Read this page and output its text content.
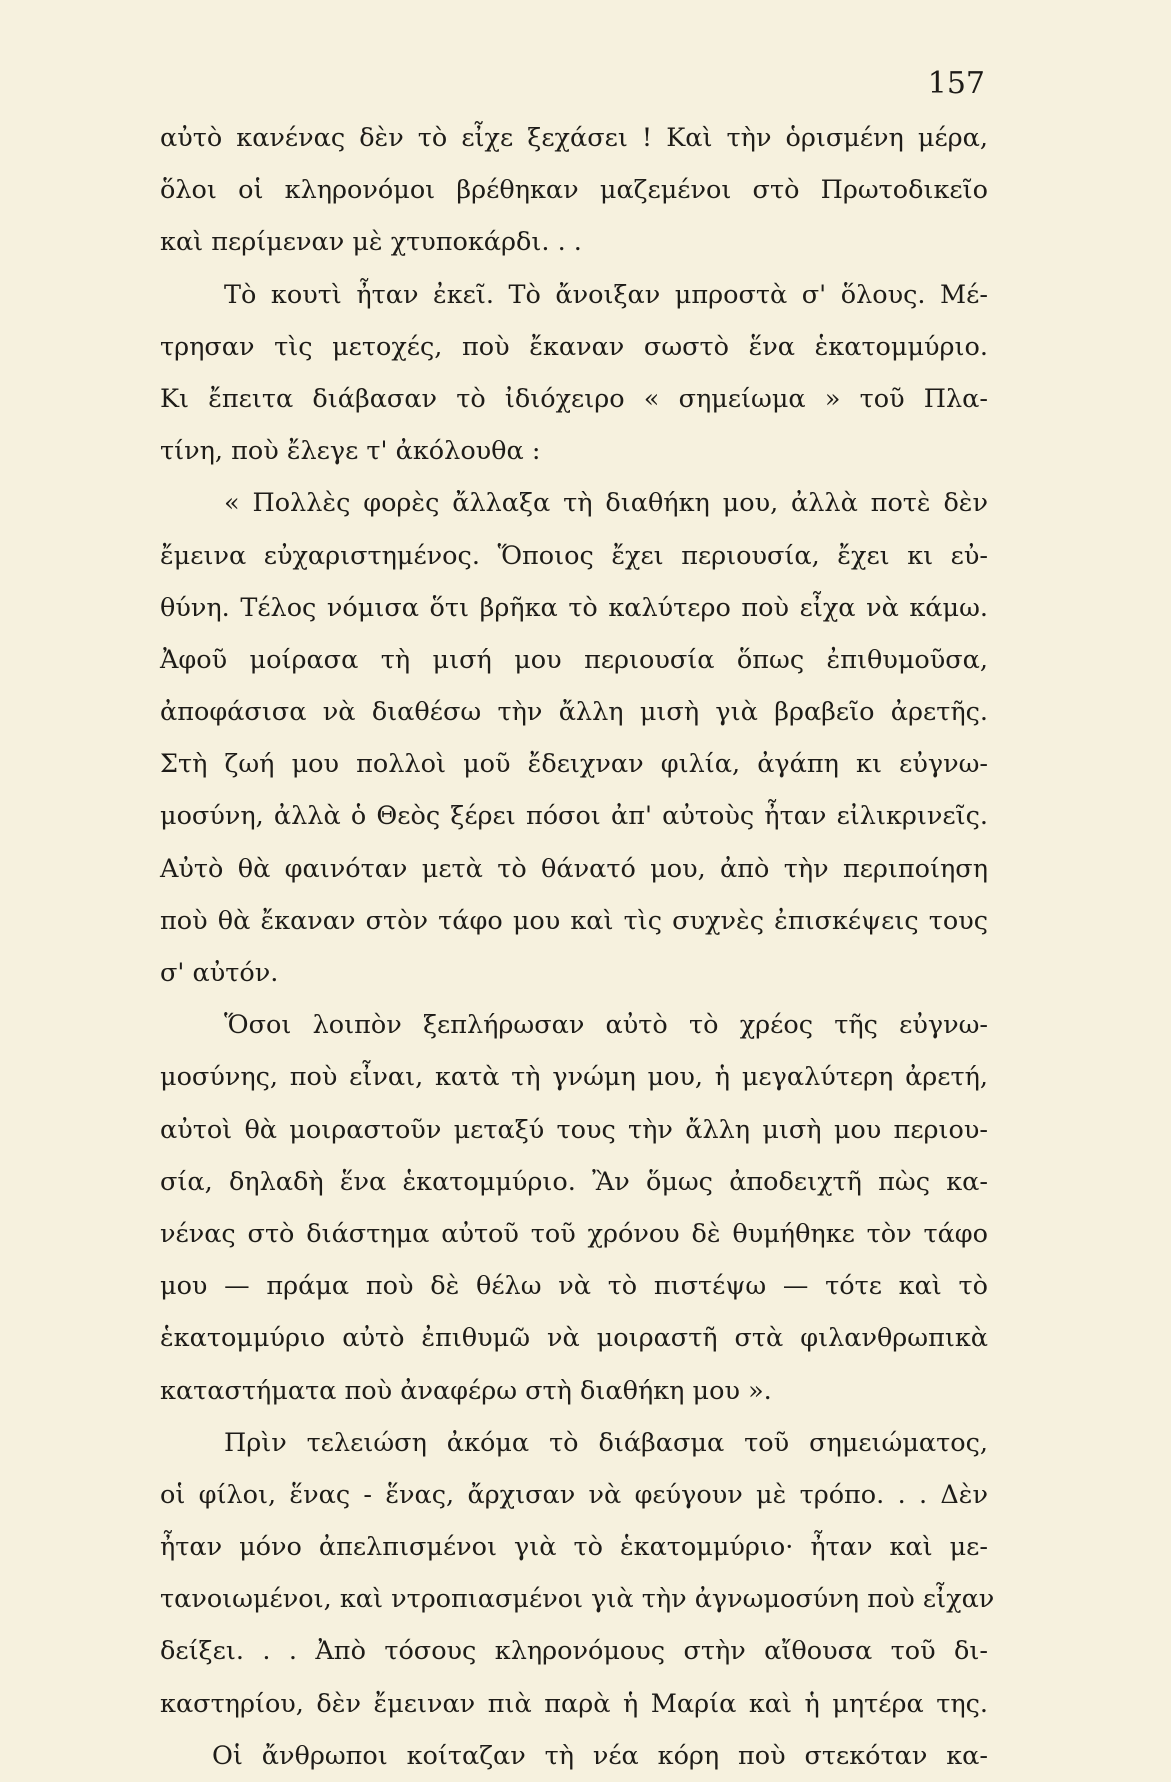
157
αὐτὸ κανένας δὲν τὸ εἶχε ξεχάσει ! Καὶ τὴν ὁρισμένη μέρα,
ὅλοι οἱ κληρονόμοι βρέθηκαν μαζεμένοι στὸ Πρωτοδικεῖο
καὶ περίμεναν μὲ χτυποκάρδι. . .
Τὸ κουτὶ ἦταν ἐκεῖ. Τὸ ἄνοιξαν μπροστὰ σ' ὅλους. Μέ-
τρησαν τὶς μετοχές, ποὺ ἔκαναν σωστὸ ἕνα ἑκατομμύριο.
Κι ἔπειτα διάβασαν τὸ ἰδιόχειρο « σημείωμα » τοῦ Πλα-
τίνη, ποὺ ἔλεγε τ' ἀκόλουθα :
« Πολλὲς φορὲς ἄλλαξα τὴ διαθήκη μου, ἀλλὰ ποτὲ δὲν
ἔμεινα εὐχαριστημένος. Ὅποιος ἔχει περιουσία, ἔχει κι εὐ-
θύνη. Τέλος νόμισα ὅτι βρῆκα τὸ καλύτερο ποὺ εἶχα νὰ κάμω.
Ἀφοῦ μοίρασα τὴ μισή μου περιουσία ὅπως ἐπιθυμοῦσα,
ἀποφάσισα νὰ διαθέσω τὴν ἄλλη μισὴ γιὰ βραβεῖο ἀρετῆς.
Στὴ ζωή μου πολλοὶ μοῦ ἔδειχναν φιλία, ἀγάπη κι εὐγνω-
μοσύνη, ἀλλὰ ὁ Θεὸς ξέρει πόσοι ἀπ' αὐτοὺς ἦταν εἰλικρινεῖς.
Αὐτὸ θὰ φαινόταν μετὰ τὸ θάνατό μου, ἀπὸ τὴν περιποίηση
ποὺ θὰ ἔκαναν στὸν τάφο μου καὶ τὶς συχνὲς ἐπισκέψεις τους
σ' αὐτόν.
Ὅσοι λοιπὸν ξεπλήρωσαν αὐτὸ τὸ χρέος τῆς εὐγνω-
μοσύνης, ποὺ εἶναι, κατὰ τὴ γνώμη μου, ἡ μεγαλύτερη ἀρετή,
αὐτοὶ θὰ μοιραστοῦν μεταξύ τους τὴν ἄλλη μισὴ μου περιου-
σία, δηλαδὴ ἕνα ἑκατομμύριο. Ἂν ὅμως ἀποδειχτῆ πὼς κα-
νένας στὸ διάστημα αὐτοῦ τοῦ χρόνου δὲ θυμήθηκε τὸν τάφο
μου — πράμα ποὺ δὲ θέλω νὰ τὸ πιστέψω — τότε καὶ τὸ
ἑκατομμύριο αὐτὸ ἐπιθυμῶ νὰ μοιραστῆ στὰ φιλανθρωπικὰ
καταστήματα ποὺ ἀναφέρω στὴ διαθήκη μου ».
Πρὶν τελειώση ἀκόμα τὸ διάβασμα τοῦ σημειώματος,
οἱ φίλοι, ἕνας - ἕνας, ἄρχισαν νὰ φεύγουν μὲ τρόπο. . . Δὲν
ἦταν μόνο ἀπελπισμένοι γιὰ τὸ ἑκατομμύριο· ἦταν καὶ με-
τανοιωμένοι, καὶ ντροπιασμένοι γιὰ τὴν ἀγνωμοσύνη ποὺ εἶχαν
δείξει. . . Ἀπὸ τόσους κληρονόμους στὴν αἴθουσα τοῦ δι-
καστηρίου, δὲν ἔμειναν πιὰ παρὰ ἡ Μαρία καὶ ἡ μητέρα της.
Οἱ ἄνθρωποι κοίταζαν τὴ νέα κόρη ποὺ στεκόταν κα-
